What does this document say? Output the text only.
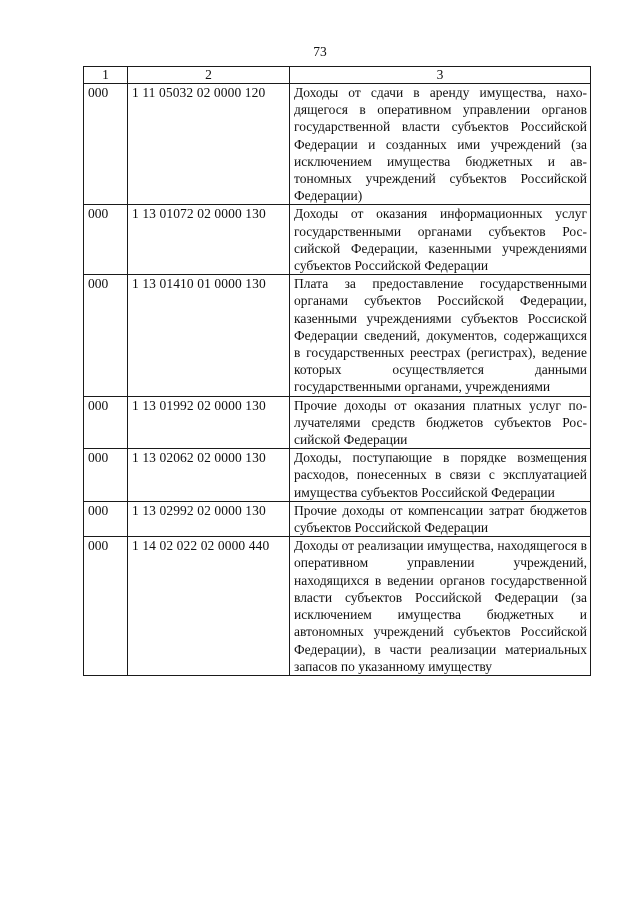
73
1	2	3
000	1 11 05032 02 0000 120	Доходы от сдачи в аренду имущества, находящегося в оперативном управлении органов государственной власти субъектов Российской Федерации и созданных ими учреждений (за исключением имущества бюджетных и автономных учреждений субъектов Российской Федерации)
000	1 13 01072 02 0000 130	Доходы от оказания информационных услуг государственными органами субъектов Российской Федерации, казенными учреждениями субъектов Российской Федерации
000	1 13 01410 01 0000 130	Плата за предоставление государственными органами субъектов Российской Федерации, казенными учреждениями субъектов Россиской Федерации сведений, документов, содержащихся в государственных реестрах (регистрах), ведение которых осуществляется данными государственными органами, учреждениями
000	1 13 01992 02 0000 130	Прочие доходы от оказания платных услуг получателями средств бюджетов субъектов Российской Федерации
000	1 13 02062 02 0000 130	Доходы, поступающие в порядке возмещения расходов, понесенных в связи с эксплуатацией имущества субъектов Российской Федерации
000	1 13 02992 02 0000 130	Прочие доходы от компенсации затрат бюджетов субъектов Российской Федерации
000	1 14 02 022 02 0000 440	Доходы от реализации имущества, находящегося в оперативном управлении учреждений, находящихся в ведении органов государственной власти субъектов Российской Федерации (за исключением имущества бюджетных и автономных учреждений субъектов Российской Федерации), в части реализации материальных запасов по указанному имуществу
